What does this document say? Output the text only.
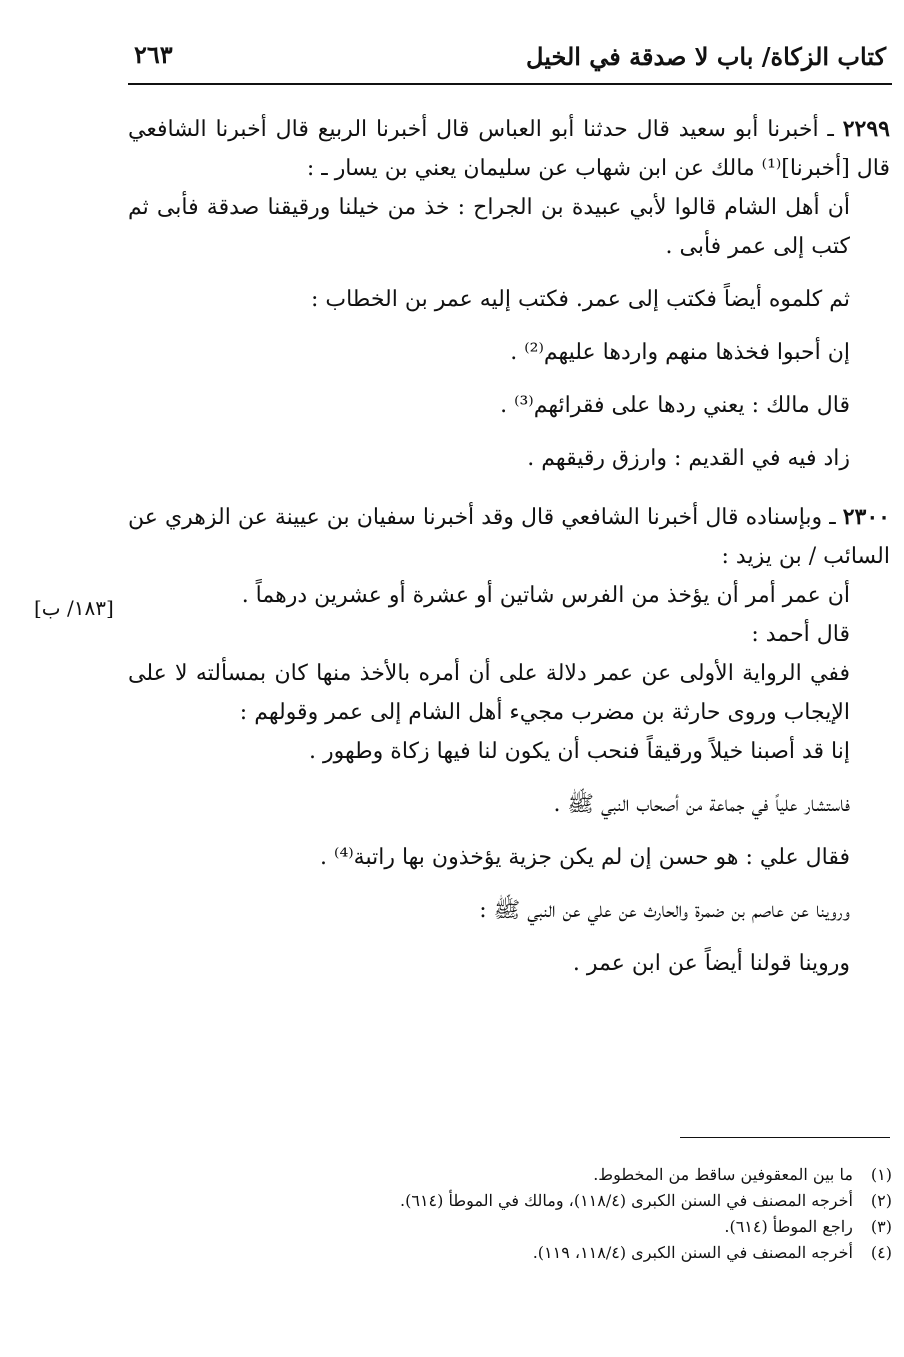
كتاب الزكاة/ باب لا صدقة في الخيل
٢٦٣

٢٢٩٩ ـ أخبرنا أبو سعيد قال حدثنا أبو العباس قال أخبرنا الربيع قال أخبرنا الشافعي قال [أخبرنا]⁽¹⁾ مالك عن ابن شهاب عن سليمان يعني بن يسار ـ :

أن أهل الشام قالوا لأبي عبيدة بن الجراح : خذ من خيلنا ورقيقنا صدقة فأبى ثم كتب إلى عمر فأبى .

ثم كلموه أيضاً فكتب إلى عمر. فكتب إليه عمر بن الخطاب :

إن أحبوا فخذها منهم واردها عليهم⁽²⁾ .

قال مالك : يعني ردها على فقرائهم⁽³⁾ .

زاد فيه في القديم : وارزق رقيقهم .

٢٣٠٠ ـ وبإسناده قال أخبرنا الشافعي قال وقد أخبرنا سفيان بن عيينة عن الزهري عن السائب / بن يزيد :

أن عمر أمر أن يؤخذ من الفرس شاتين أو عشرة أو عشرين درهماً .

قال أحمد :

ففي الرواية الأولى عن عمر دلالة على أن أمره بالأخذ منها كان بمسألته لا على الإيجاب وروى حارثة بن مضرب مجيء أهل الشام إلى عمر وقولهم :

إنا قد أصبنا خيلاً ورقيقاً فنحب أن يكون لنا فيها زكاة وطهور .

فاستشار علياً في جماعة من أصحاب النبي ﷺ .

فقال علي : هو حسن إن لم يكن جزية يؤخذون بها راتبة⁽⁴⁾ .

وروينا عن عاصم بن ضمرة والحارث عن علي عن النبي ﷺ :

وروينا قولنا أيضاً عن ابن عمر .

[١٨٣/ ب]

(١) ما بين المعقوفين ساقط من المخطوط.

(٢) أخرجه المصنف في السنن الكبرى (١١٨/٤)، ومالك في الموطأ (٦١٤).

(٣) راجع الموطأ (٦١٤).

(٤) أخرجه المصنف في السنن الكبرى (١١٨/٤، ١١٩).
